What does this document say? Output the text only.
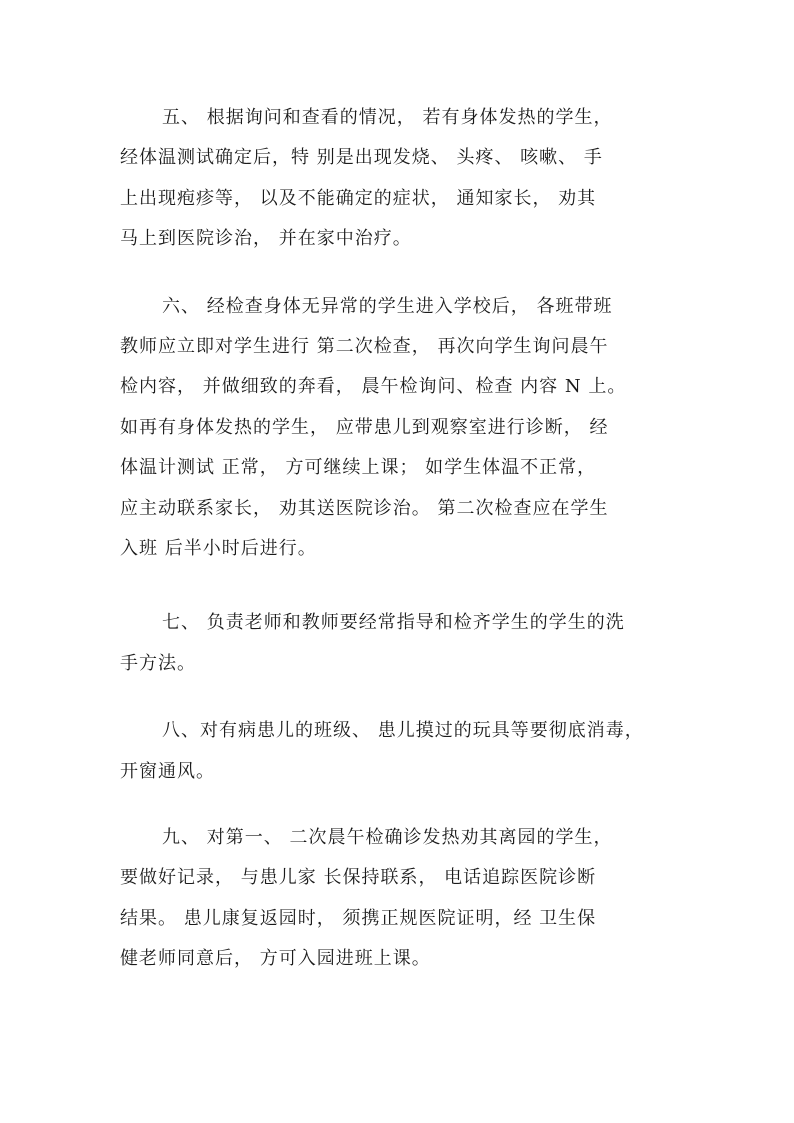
五、 根据询问和查看的情况， 若有身体发热的学生，
经体温测试确定后，特 别是出现发烧、 头疼、 咳嗽、 手
上出现疱疹等， 以及不能确定的症状， 通知家长， 劝其
马上到医院诊治， 并在家中治疗。
六、 经检查身体无异常的学生进入学校后， 各班带班
教师应立即对学生进行 第二次检查， 再次向学生询问晨午
检内容， 并做细致的奔看， 晨午检询问、检查 内容 N 上。
如再有身体发热的学生， 应带患儿到观察室进行诊断， 经
体温计测试 正常， 方可继续上课； 如学生体温不正常，
应主动联系家长， 劝其送医院诊治。 第二次检查应在学生
入班 后半小时后进行。
七、 负责老师和教师要经常指导和检齐学生的学生的洗
手方法。
八、对有病患儿的班级、 患儿摸过的玩具等要彻底消毒，
开窗通风。
九、 对第一、 二次晨午检确诊发热劝其离园的学生，
要做好记录， 与患儿家 长保持联系， 电话追踪医院诊断
结果。 患儿康复返园时， 须携正规医院证明，经 卫生保
健老师同意后， 方可入园进班上课。
